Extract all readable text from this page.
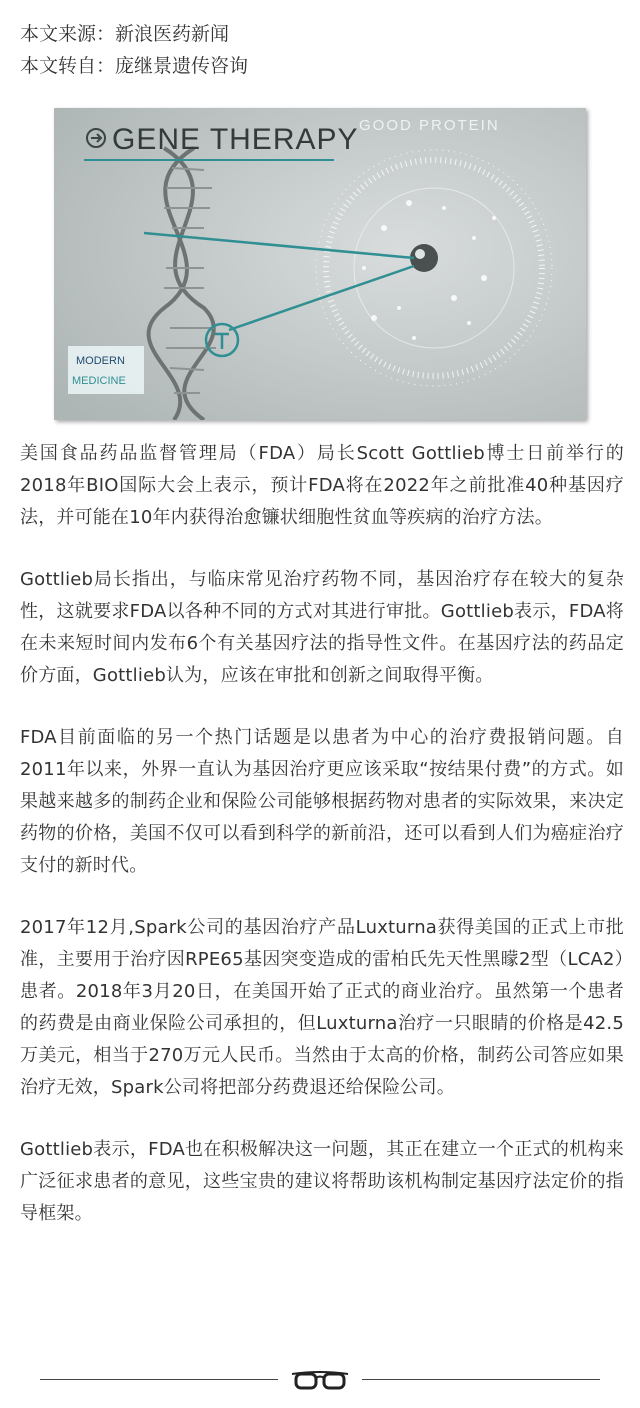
本文来源：新浪医药新闻
本文转自：庞继景遗传咨询
GENE THERAPY GOOD PROTEIN
MODERN
MEDICINE

美国食品药品监督管理局（FDA）局长Scott Gottlieb博士日前举行的2018年BIO国际大会上表示，预计FDA将在2022年之前批准40种基因疗法，并可能在10年内获得治愈镰状细胞性贫血等疾病的治疗方法。

Gottlieb局长指出，与临床常见治疗药物不同，基因治疗存在较大的复杂性，这就要求FDA以各种不同的方式对其进行审批。Gottlieb表示，FDA将在未来短时间内发布6个有关基因疗法的指导性文件。在基因疗法的药品定价方面，Gottlieb认为，应该在审批和创新之间取得平衡。

FDA目前面临的另一个热门话题是以患者为中心的治疗费报销问题。自2011年以来，外界一直认为基因治疗更应该采取“按结果付费”的方式。如果越来越多的制药企业和保险公司能够根据药物对患者的实际效果，来决定药物的价格，美国不仅可以看到科学的新前沿，还可以看到人们为癌症治疗支付的新时代。

2017年12月,Spark公司的基因治疗产品Luxturna获得美国的正式上市批准，主要用于治疗因RPE65基因突变造成的雷柏氏先天性黑曚2型（LCA2）患者。2018年3月20日，在美国开始了正式的商业治疗。虽然第一个患者的药费是由商业保险公司承担的，但Luxturna治疗一只眼睛的价格是42.5万美元，相当于270万元人民币。当然由于太高的价格，制药公司答应如果治疗无效，Spark公司将把部分药费退还给保险公司。

Gottlieb表示，FDA也在积极解决这一问题，其正在建立一个正式的机构来广泛征求患者的意见，这些宝贵的建议将帮助该机构制定基因疗法定价的指导框架。
